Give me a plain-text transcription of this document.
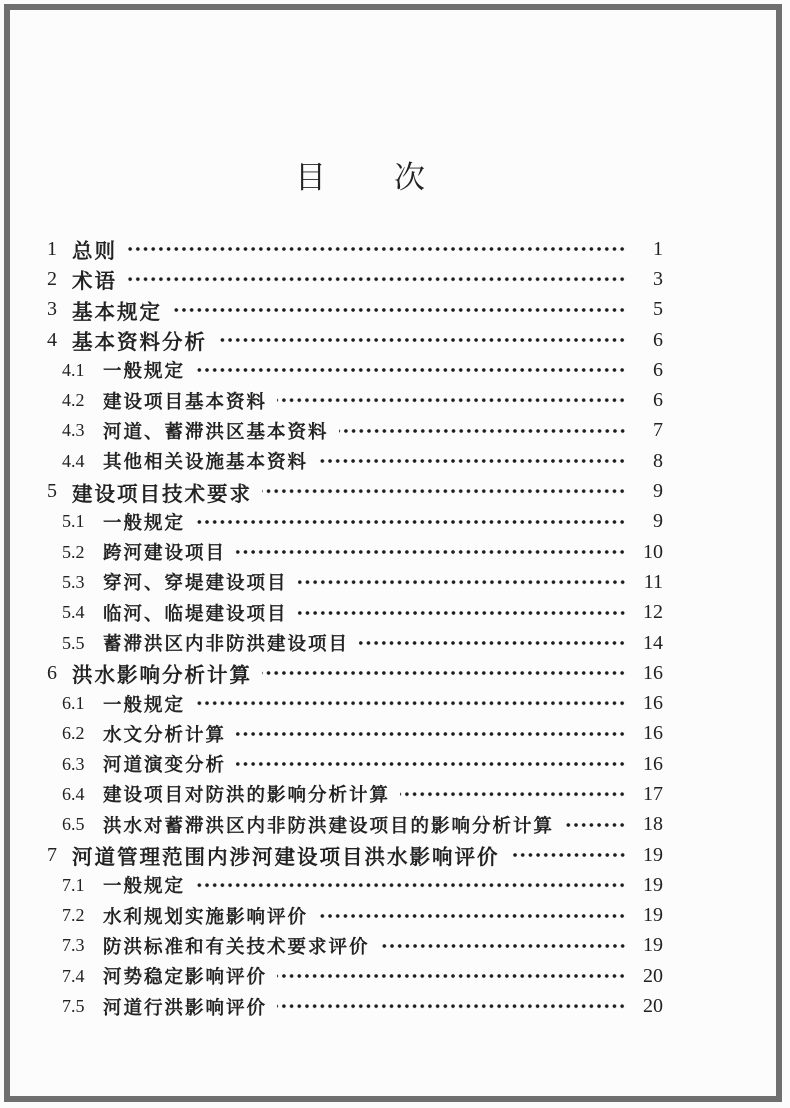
目　　次
1 总则	1
2 术语	3
3 基本规定	5
4 基本资料分析	6
4.1	一般规定	6
4.2	建设项目基本资料	6
4.3	河道、蓄滞洪区基本资料	7
4.4	其他相关设施基本资料	8
5 建设项目技术要求	9
5.1	一般规定	9
5.2	跨河建设项目	10
5.3	穿河、穿堤建设项目	11
5.4	临河、临堤建设项目	12
5.5	蓄滞洪区内非防洪建设项目	14
6 洪水影响分析计算	16
6.1	一般规定	16
6.2	水文分析计算	16
6.3	河道演变分析	16
6.4	建设项目对防洪的影响分析计算	17
6.5	洪水对蓄滞洪区内非防洪建设项目的影响分析计算	18
7 河道管理范围内涉河建设项目洪水影响评价	19
7.1	一般规定	19
7.2	水利规划实施影响评价	19
7.3	防洪标准和有关技术要求评价	19
7.4	河势稳定影响评价	20
7.5	河道行洪影响评价	20
